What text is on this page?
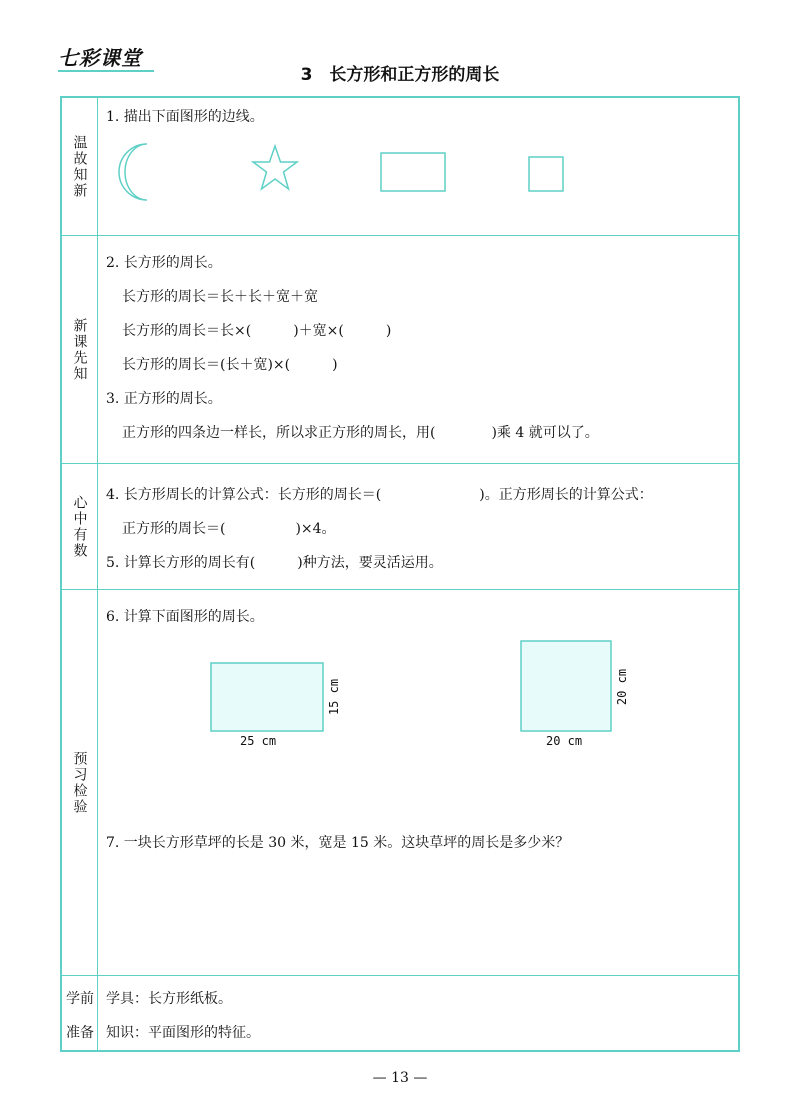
七彩课堂
3　长方形和正方形的周长
温故知新
1. 描出下面图形的边线。
新课先知
2. 长方形的周长。
长方形的周长＝长＋长＋宽＋宽
长方形的周长＝长×(　　　)＋宽×(　　　)
长方形的周长＝(长＋宽)×(　　　)
3. 正方形的周长。
正方形的四条边一样长，所以求正方形的周长，用(　　　　)乘 4 就可以了。
心中有数 4. 长方形周长的计算公式：长方形的周长＝(　　　　　　　)。正方形周长的计算公式：
正方形的周长＝(　　　　　)×4。
5. 计算长方形的周长有(　　　)种方法，要灵活运用。
预习检验
6. 计算下面图形的周长。
25 cm
15 cm
20 cm
20 cm
7. 一块长方形草坪的长是 30 米，宽是 15 米。这块草坪的周长是多少米？
学前
准备
学具：长方形纸板。
知识：平面图形的特征。
— 13 —
